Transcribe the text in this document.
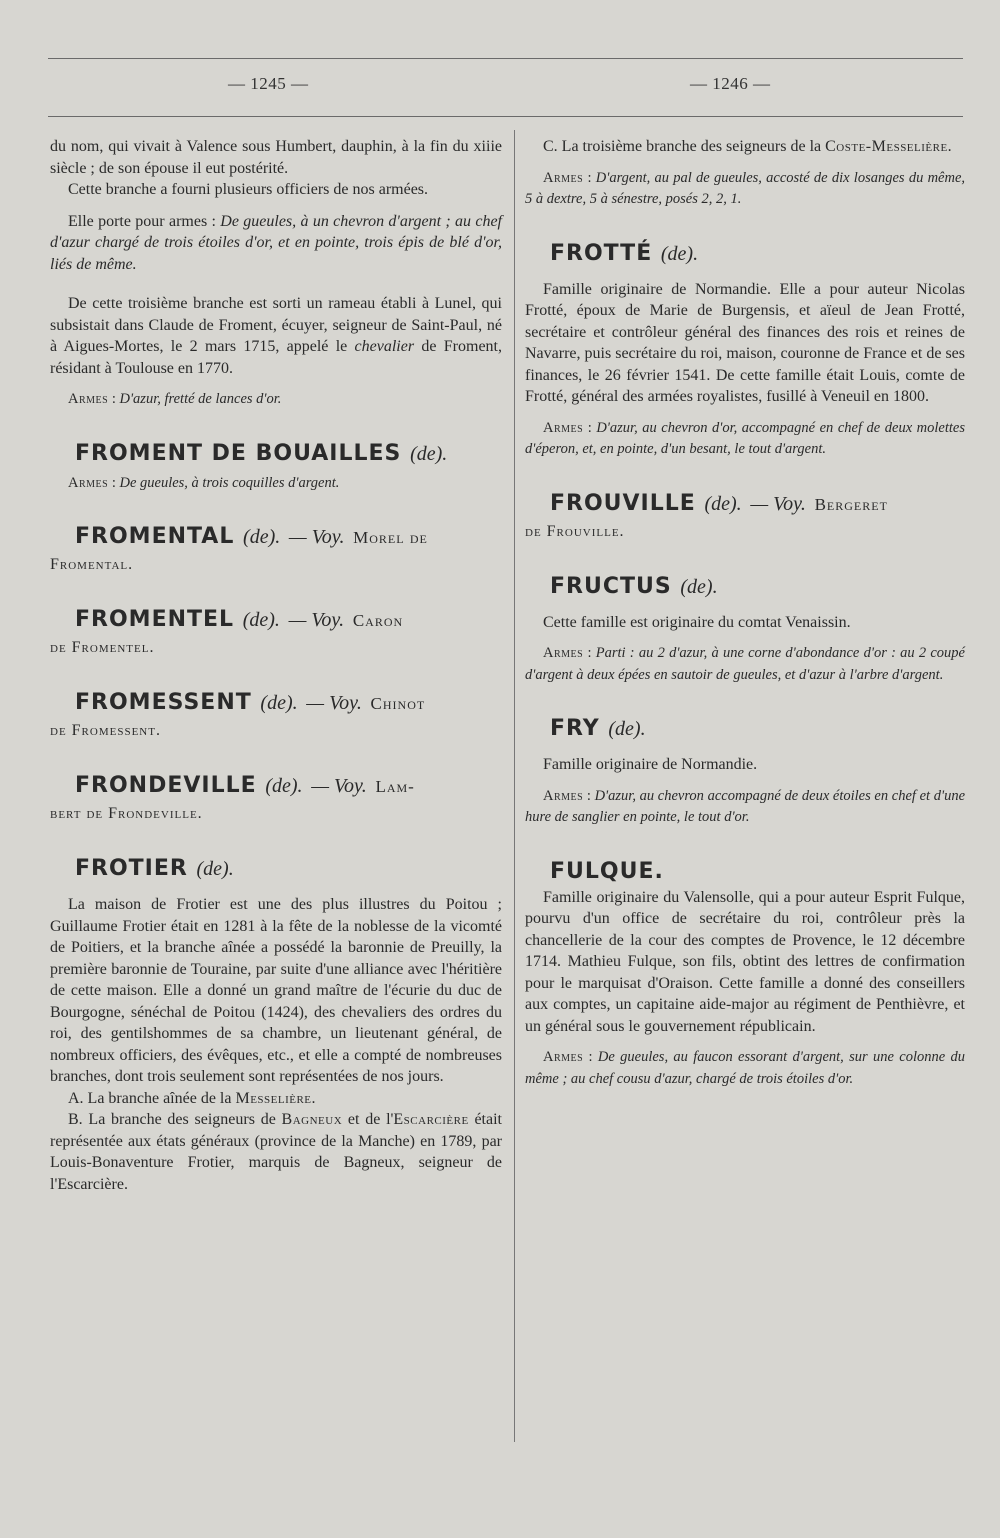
— 1245 —	— 1246 —

du nom, qui vivait à Valence sous Humbert, dauphin, à la fin du xiiie siècle ; de son épouse il eut postérité.

Cette branche a fourni plusieurs officiers de nos armées.

Elle porte pour armes : De gueules, à un chevron d'argent ; au chef d'azur chargé de trois étoiles d'or, et en pointe, trois épis de blé d'or, liés de même.

De cette troisième branche est sorti un rameau établi à Lunel, qui subsistait dans Claude de Froment, écuyer, seigneur de Saint-Paul, né à Aigues-Mortes, le 2 mars 1715, appelé le chevalier de Froment, résidant à Toulouse en 1770.

Armes : D'azur, fretté de lances d'or.

FROMENT DE BOUAILLES (de).

Armes : De gueules, à trois coquilles d'argent.

FROMENTAL (de). — Voy. Morel de
Fromental.
FROMENTEL (de). — Voy. Caron
de Fromentel.
FROMESSENT (de). — Voy. Chinot
de Fromessent.
FRONDEVILLE (de). — Voy. Lam-
bert de Frondeville.
FROTIER (de).

La maison de Frotier est une des plus illustres du Poitou ; Guillaume Frotier était en 1281 à la fête de la noblesse de la vicomté de Poitiers, et la branche aînée a possédé la baronnie de Preuilly, la première baronnie de Touraine, par suite d'une alliance avec l'héritière de cette maison. Elle a donné un grand maître de l'écurie du duc de Bourgogne, sénéchal de Poitou (1424), des chevaliers des ordres du roi, des gentilshommes de sa chambre, un lieutenant général, de nombreux officiers, des évêques, etc., et elle a compté de nombreuses branches, dont trois seulement sont représentées de nos jours.

A. La branche aînée de la Messelière.

B. La branche des seigneurs de Bagneux et de l'Escarcière était représentée aux états généraux (province de la Manche) en 1789, par Louis-Bonaventure Frotier, marquis de Bagneux, seigneur de l'Escarcière.

C. La troisième branche des seigneurs de la Coste-Messelière.

Armes : D'argent, au pal de gueules, accosté de dix losanges du même, 5 à dextre, 5 à sénestre, posés 2, 2, 1.

FROTTÉ (de).

Famille originaire de Normandie. Elle a pour auteur Nicolas Frotté, époux de Marie de Burgensis, et aïeul de Jean Frotté, secrétaire et contrôleur général des finances des rois et reines de Navarre, puis secrétaire du roi, maison, couronne de France et de ses finances, le 26 février 1541. De cette famille était Louis, comte de Frotté, général des armées royalistes, fusillé à Veneuil en 1800.

Armes : D'azur, au chevron d'or, accompagné en chef de deux molettes d'éperon, et, en pointe, d'un besant, le tout d'argent.

FROUVILLE (de). — Voy. Bergeret
de Frouville.
FRUCTUS (de).

Cette famille est originaire du comtat Venaissin.

Armes : Parti : au 2 d'azur, à une corne d'abondance d'or : au 2 coupé d'argent à deux épées en sautoir de gueules, et d'azur à l'arbre d'argent.

FRY (de).

Famille originaire de Normandie.

Armes : D'azur, au chevron accompagné de deux étoiles en chef et d'une hure de sanglier en pointe, le tout d'or.

FULQUE.

Famille originaire du Valensolle, qui a pour auteur Esprit Fulque, pourvu d'un office de secrétaire du roi, contrôleur près la chancellerie de la cour des comptes de Provence, le 12 décembre 1714. Mathieu Fulque, son fils, obtint des lettres de confirmation pour le marquisat d'Oraison. Cette famille a donné des conseillers aux comptes, un capitaine aide-major au régiment de Penthièvre, et un général sous le gouvernement républicain.

Armes : De gueules, au faucon essorant d'argent, sur une colonne du même ; au chef cousu d'azur, chargé de trois étoiles d'or.
